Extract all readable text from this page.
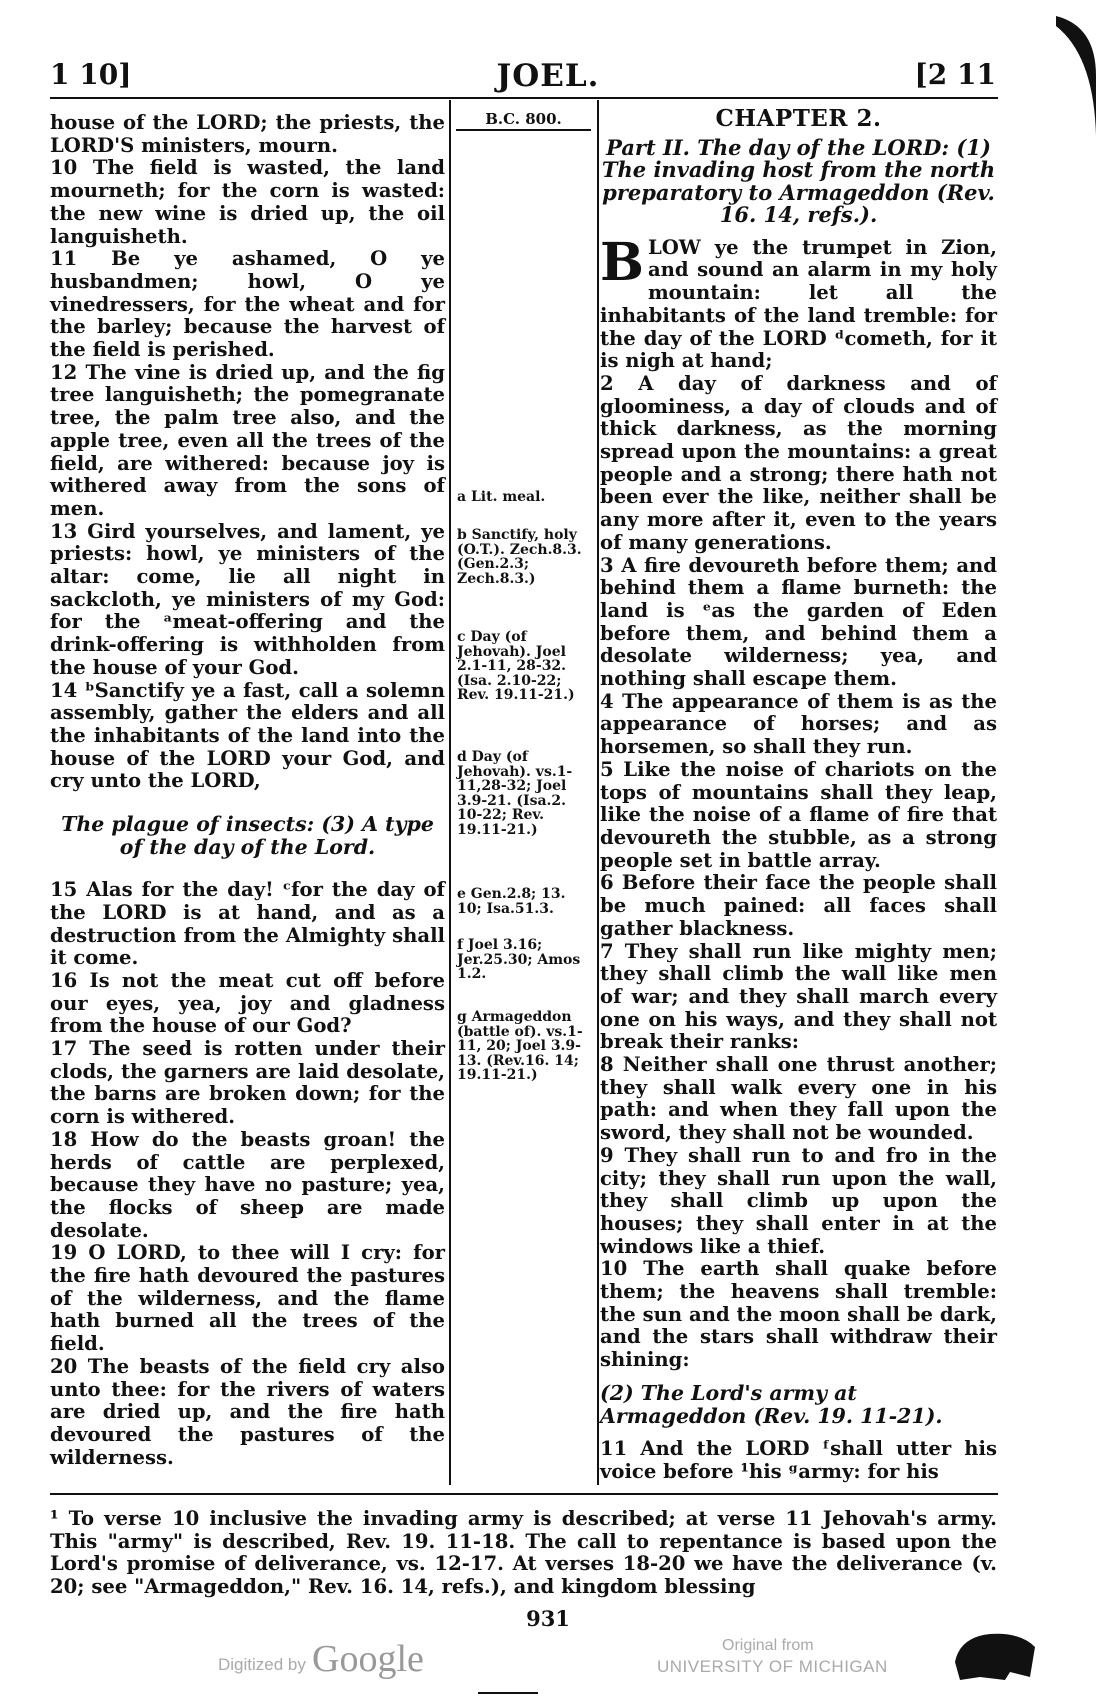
1 10]	JOEL.	[2 11

house of the LORD; the priests, the LORD'S ministers, mourn.

10 The field is wasted, the land mourneth; for the corn is wasted: the new wine is dried up, the oil languisheth.

11 Be ye ashamed, O ye husbandmen; howl, O ye vinedressers, for the wheat and for the barley; because the harvest of the field is perished.

12 The vine is dried up, and the fig tree languisheth; the pomegranate tree, the palm tree also, and the apple tree, even all the trees of the field, are withered: because joy is withered away from the sons of men.

13 Gird yourselves, and lament, ye priests: howl, ye ministers of the altar: come, lie all night in sackcloth, ye ministers of my God: for the ᵃmeat-offering and the drink-offering is withholden from the house of your God.

14 ᵇSanctify ye a fast, call a solemn assembly, gather the elders and all the inhabitants of the land into the house of the LORD your God, and cry unto the LORD,

The plague of insects: (3) A type of the day of the Lord.

15 Alas for the day! ᶜfor the day of the LORD is at hand, and as a destruction from the Almighty shall it come.

16 Is not the meat cut off before our eyes, yea, joy and gladness from the house of our God?

17 The seed is rotten under their clods, the garners are laid desolate, the barns are broken down; for the corn is withered.

18 How do the beasts groan! the herds of cattle are perplexed, because they have no pasture; yea, the flocks of sheep are made desolate.

19 O LORD, to thee will I cry: for the fire hath devoured the pastures of the wilderness, and the flame hath burned all the trees of the field.

20 The beasts of the field cry also unto thee: for the rivers of waters are dried up, and the fire hath devoured the pastures of the wilderness.

B.C. 800.
a Lit. meal.
b Sanctify, holy (O.T.). Zech.8.3. (Gen.2.3; Zech.8.3.)
c Day (of Jehovah). Joel 2.1-11, 28-32. (Isa. 2.10-22; Rev. 19.11-21.)
d Day (of Jehovah). vs.1-11,28-32; Joel 3.9-21. (Isa.2. 10-22; Rev. 19.11-21.)
e Gen.2.8; 13. 10; Isa.51.3.
f Joel 3.16; Jer.25.30; Amos 1.2.
g Armageddon (battle of). vs.1-11, 20; Joel 3.9-13. (Rev.16. 14; 19.11-21.)
CHAPTER 2.

Part II. The day of the LORD: (1) The invading host from the north preparatory to Armageddon (Rev. 16. 14, refs.).

BLOW ye the trumpet in Zion, and sound an alarm in my holy mountain: let all the inhabitants of the land tremble: for the day of the LORD ᵈcometh, for it is nigh at hand;

2 A day of darkness and of gloominess, a day of clouds and of thick darkness, as the morning spread upon the mountains: a great people and a strong; there hath not been ever the like, neither shall be any more after it, even to the years of many generations.

3 A fire devoureth before them; and behind them a flame burneth: the land is ᵉas the garden of Eden before them, and behind them a desolate wilderness; yea, and nothing shall escape them.

4 The appearance of them is as the appearance of horses; and as horsemen, so shall they run.

5 Like the noise of chariots on the tops of mountains shall they leap, like the noise of a flame of fire that devoureth the stubble, as a strong people set in battle array.

6 Before their face the people shall be much pained: all faces shall gather blackness.

7 They shall run like mighty men; they shall climb the wall like men of war; and they shall march every one on his ways, and they shall not break their ranks:

8 Neither shall one thrust another; they shall walk every one in his path: and when they fall upon the sword, they shall not be wounded.

9 They shall run to and fro in the city; they shall run upon the wall, they shall climb up upon the houses; they shall enter in at the windows like a thief.

10 The earth shall quake before them; the heavens shall tremble: the sun and the moon shall be dark, and the stars shall withdraw their shining:

(2) The Lord's army at Armageddon (Rev. 19. 11-21).

11 And the LORD ᶠshall utter his voice before ¹his ᵍarmy: for his

¹ To verse 10 inclusive the invading army is described; at verse 11 Jehovah's army. This "army" is described, Rev. 19. 11-18. The call to repentance is based upon the Lord's promise of deliverance, vs. 12-17. At verses 18-20 we have the deliverance (v. 20; see "Armageddon," Rev. 16. 14, refs.), and kingdom blessing
931
Digitized by Google	Original from
UNIVERSITY OF MICHIGAN
